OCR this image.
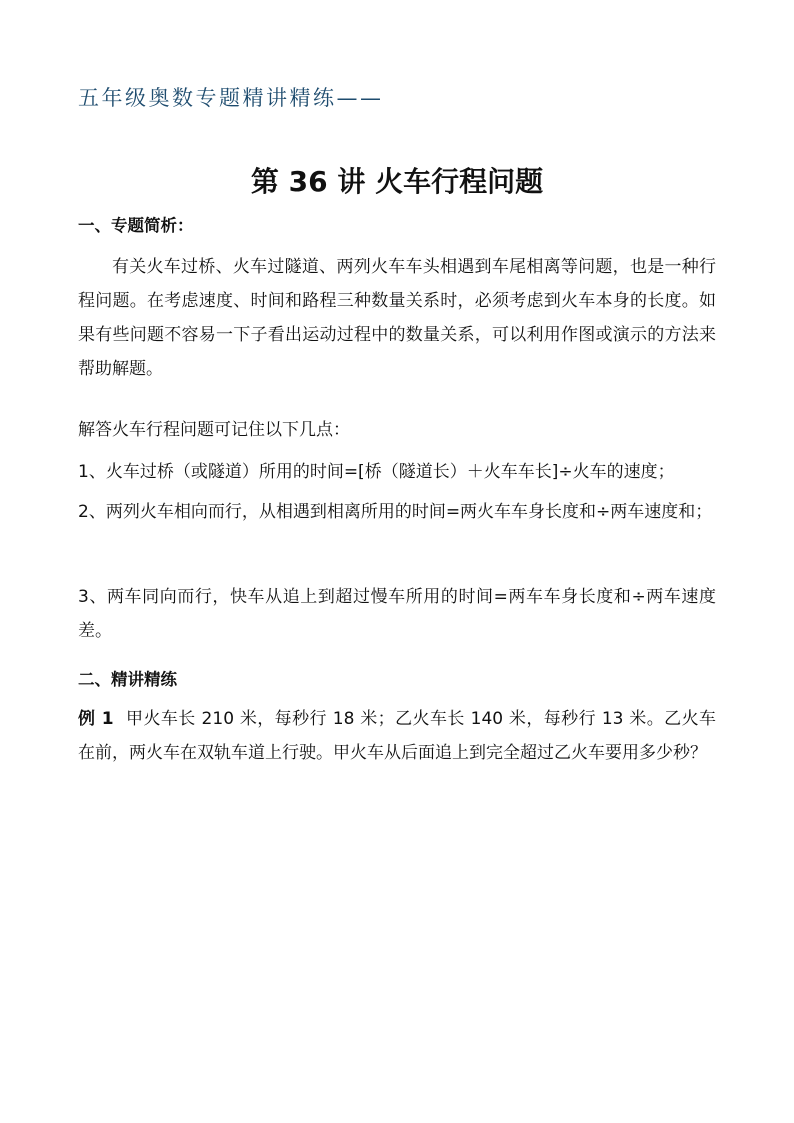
五年级奥数专题精讲精练——
第 36 讲 火车行程问题
一、专题简析：
有关火车过桥、火车过隧道、两列火车车头相遇到车尾相离等问题，也是一种行程问题。在考虑速度、时间和路程三种数量关系时，必须考虑到火车本身的长度。如果有些问题不容易一下子看出运动过程中的数量关系，可以利用作图或演示的方法来帮助解题。
解答火车行程问题可记住以下几点：
1、火车过桥（或隧道）所用的时间=[桥（隧道长）＋火车车长]÷火车的速度；
2、两列火车相向而行，从相遇到相离所用的时间=两火车车身长度和÷两车速度和；
3、两车同向而行，快车从追上到超过慢车所用的时间=两车车身长度和÷两车速度差。
二、精讲精练
例 1 甲火车长 210 米，每秒行 18 米；乙火车长 140 米，每秒行 13 米。乙火车在前，两火车在双轨车道上行驶。甲火车从后面追上到完全超过乙火车要用多少秒？
